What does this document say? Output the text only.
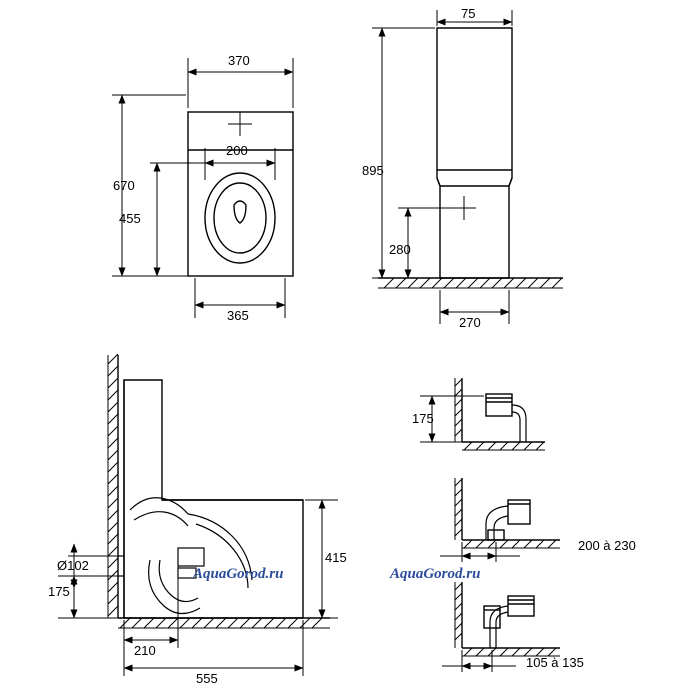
370
200
670
455
365
75
895
280
270
Ø102
175
415
210
555
175
200 à 230
105 à 135
AquaGorod.ru	AquaGorod.ru
